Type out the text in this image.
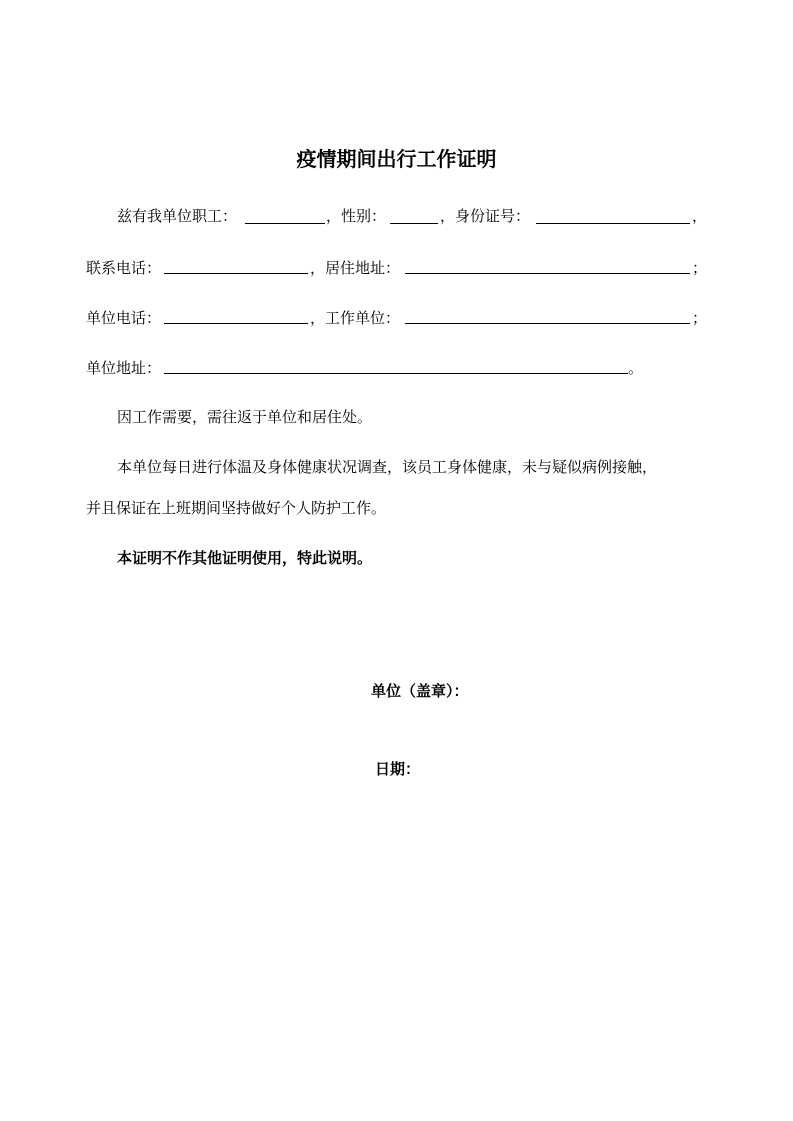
疫情期间出行工作证明
兹有我单位职工：	，性别：	，身份证号：	，
联系电话：	，居住地址：	；
单位电话：	，工作单位：	；
单位地址：	。
因工作需要，需往返于单位和居住处。
本单位每日进行体温及身体健康状况调查，该员工身体健康，未与疑似病例接触，
并且保证在上班期间坚持做好个人防护工作。
本证明不作其他证明使用，特此说明。
单位（盖章）：
日期：
